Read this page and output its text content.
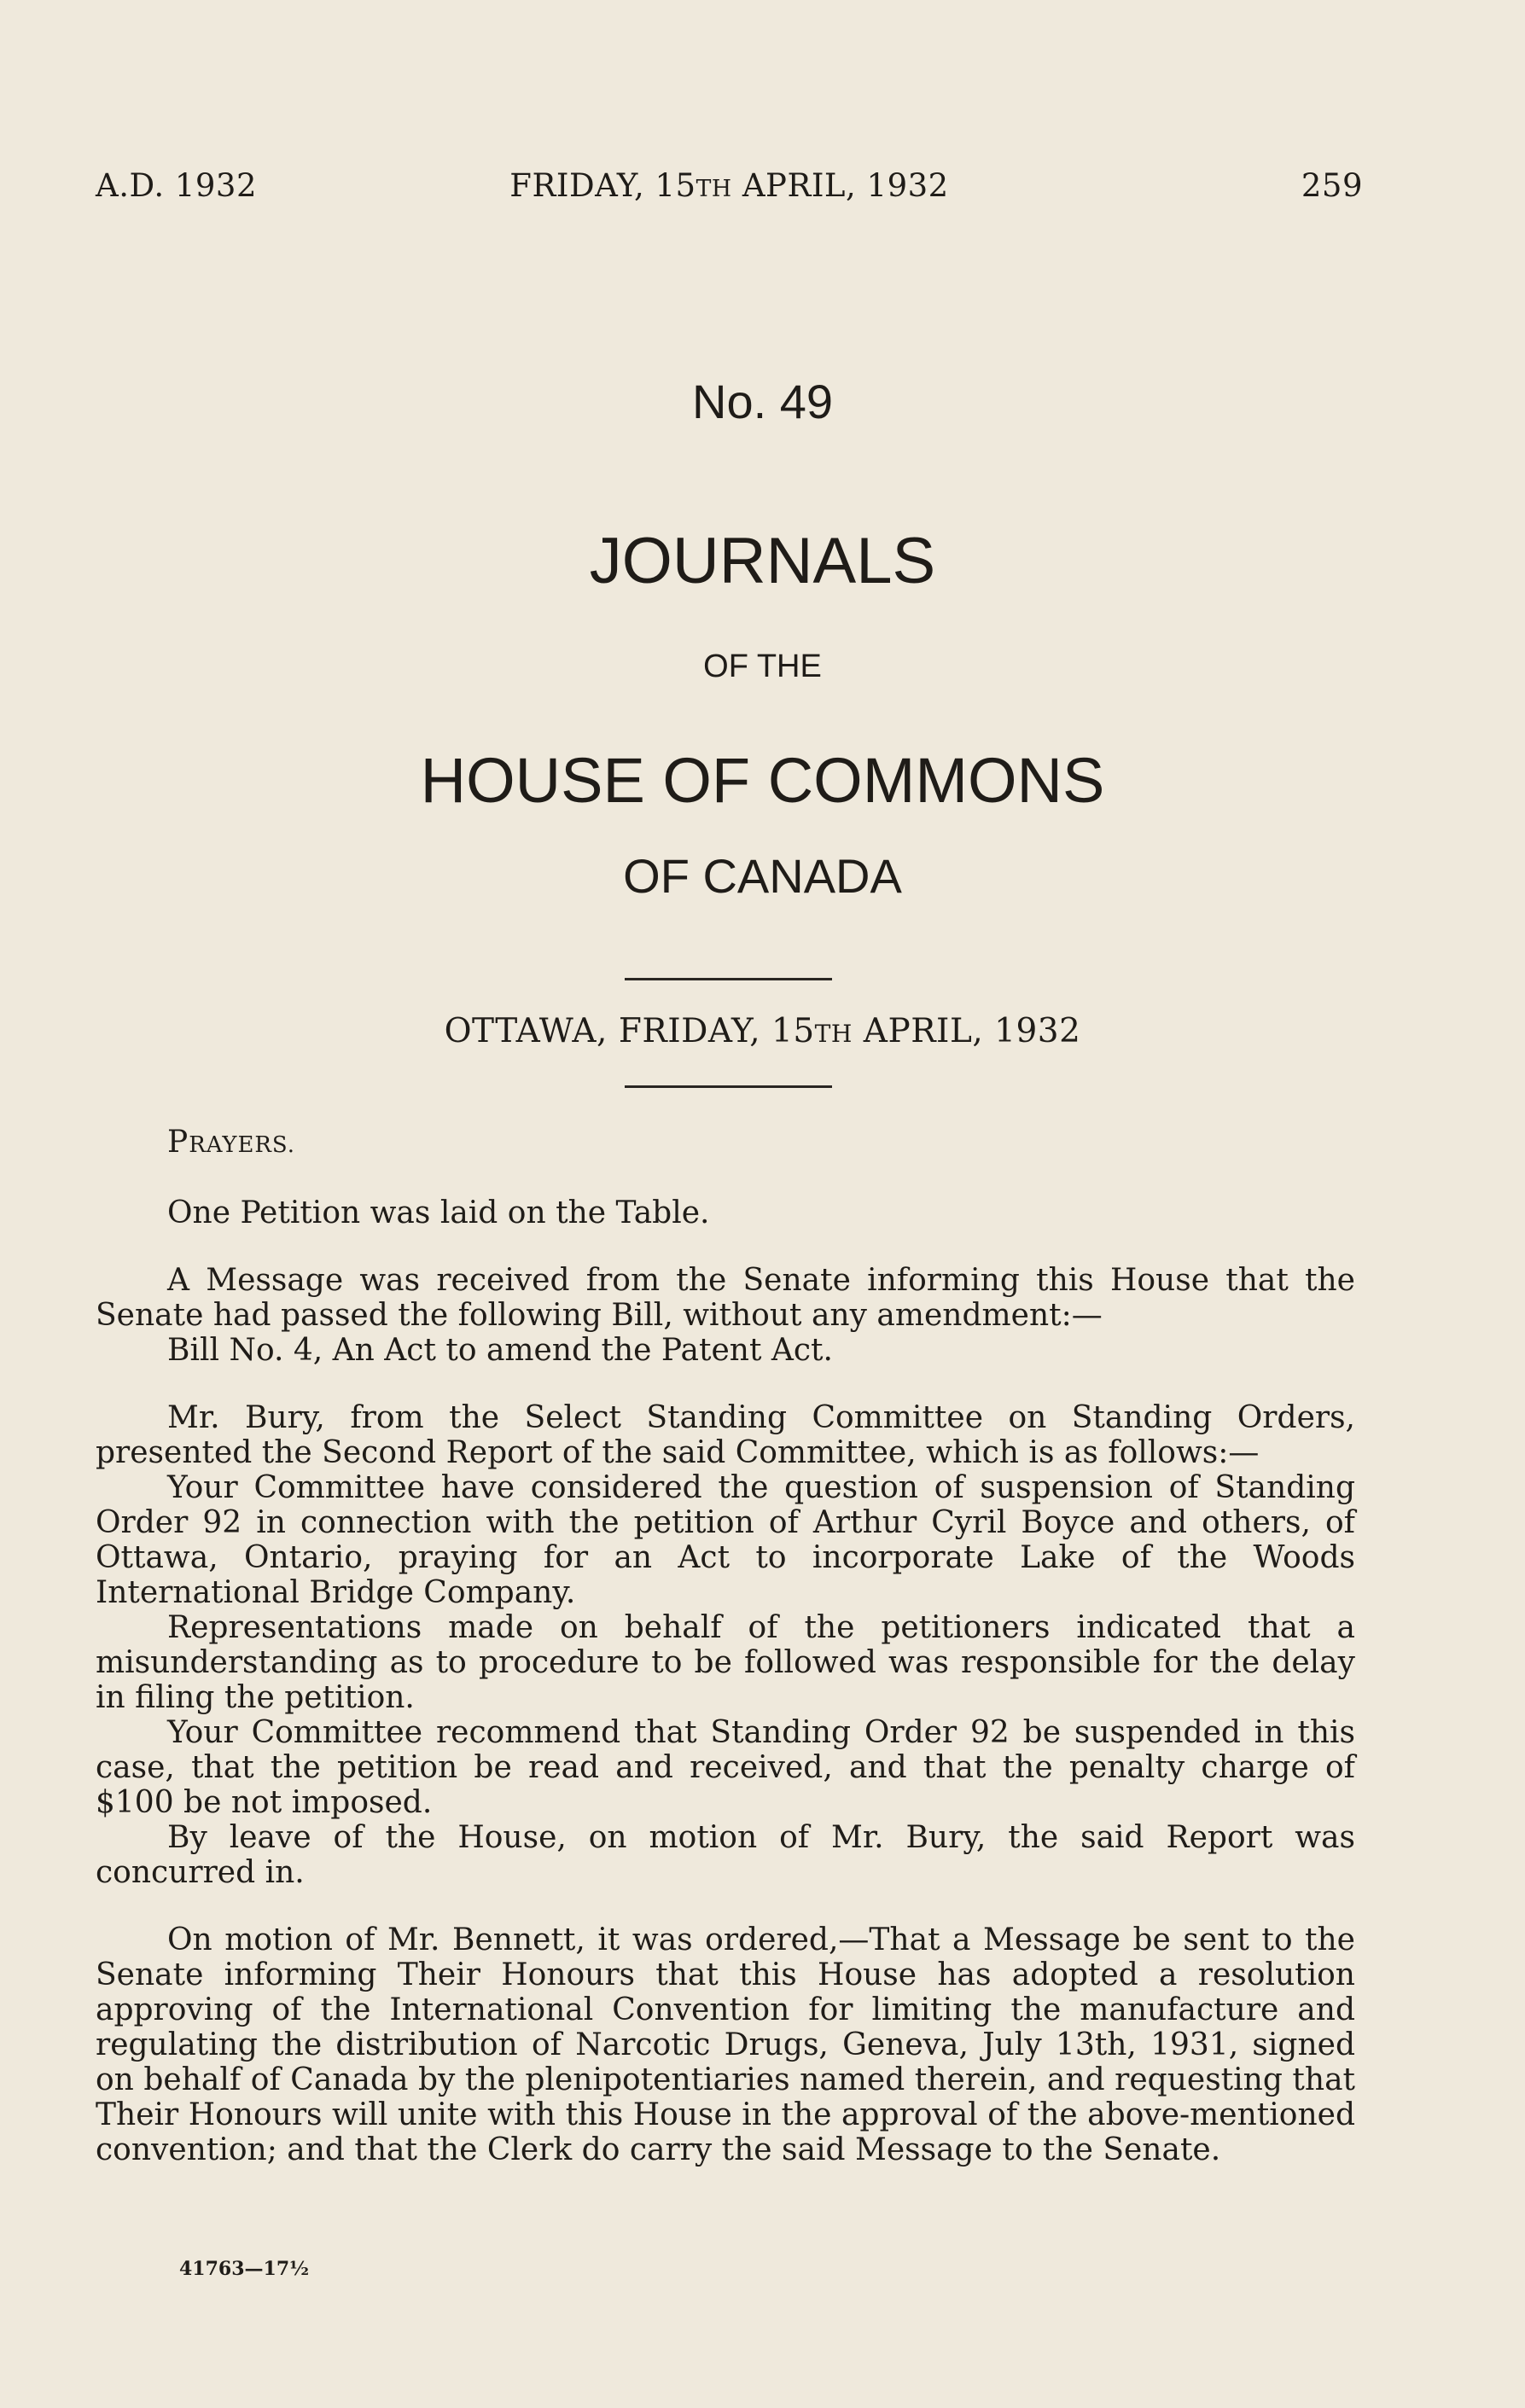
A.D. 1932	FRIDAY, 15TH APRIL, 1932	259
No. 49
JOURNALS
OF THE
HOUSE OF COMMONS
OF CANADA
OTTAWA, FRIDAY, 15TH APRIL, 1932

PRAYERS.

One Petition was laid on the Table.

A Message was received from the Senate informing this House that the Senate had passed the following Bill, without any amendment:—

Bill No. 4, An Act to amend the Patent Act.

Mr. Bury, from the Select Standing Committee on Standing Orders, presented the Second Report of the said Committee, which is as follows:—

Your Committee have considered the question of suspension of Standing Order 92 in connection with the petition of Arthur Cyril Boyce and others, of Ottawa, Ontario, praying for an Act to incorporate Lake of the Woods International Bridge Company.

Representations made on behalf of the petitioners indicated that a misunderstanding as to procedure to be followed was responsible for the delay in filing the petition.

Your Committee recommend that Standing Order 92 be suspended in this case, that the petition be read and received, and that the penalty charge of $100 be not imposed.

By leave of the House, on motion of Mr. Bury, the said Report was concurred in.

On motion of Mr. Bennett, it was ordered,—That a Message be sent to the Senate informing Their Honours that this House has adopted a resolution approving of the International Convention for limiting the manufacture and regulating the distribution of Narcotic Drugs, Geneva, July 13th, 1931, signed on behalf of Canada by the plenipotentiaries named therein, and requesting that Their Honours will unite with this House in the approval of the above-mentioned convention; and that the Clerk do carry the said Message to the Senate.

41763—17½
